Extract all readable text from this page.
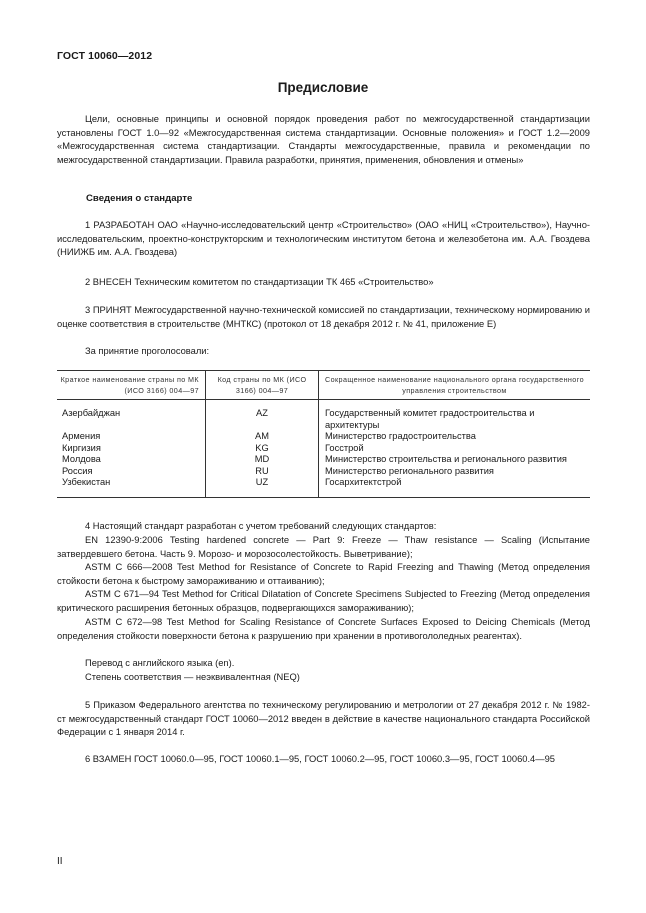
ГОСТ 10060—2012
Предисловие
Цели, основные принципы и основной порядок проведения работ по межгосударственной стандартизации установлены ГОСТ 1.0—92 «Межгосударственная система стандартизации. Основные положения» и ГОСТ 1.2—2009 «Межгосударственная система стандартизации. Стандарты межгосударственные, правила и рекомендации по межгосударственной стандартизации. Правила разработки, принятия, применения, обновления и отмены»
Сведения о стандарте
1 РАЗРАБОТАН ОАО «Научно-исследовательский центр «Строительство» (ОАО «НИЦ «Строительство»), Научно-исследовательским, проектно-конструкторским и технологическим институтом бетона и железобетона им. А.А. Гвоздева (НИИЖБ им. А.А. Гвоздева)
2 ВНЕСЕН Техническим комитетом по стандартизации ТК 465 «Строительство»
3 ПРИНЯТ Межгосударственной научно-технической комиссией по стандартизации, техническому нормированию и оценке соответствия в строительстве (МНТКС) (протокол от 18 декабря 2012 г. № 41, приложение Е)
За принятие проголосовали:
Краткое наименование страны по МК (ИСО 3166) 004—97	Код страны по МК (ИСО 3166) 004—97	Сокращенное наименование национального органа государственного управления строительством
Азербайджан	AZ	Государственный комитет градостроительства и архитектуры
Армения	AM	Министерство градостроительства
Киргизия	KG	Госстрой
Молдова	MD	Министерство строительства и регионального развития
Россия	RU	Министерство регионального развития
Узбекистан	UZ	Госархитектстрой
4 Настоящий стандарт разработан с учетом требований следующих стандартов:
EN 12390-9:2006 Testing hardened concrete — Part 9: Freeze — Thaw resistance — Scaling (Испытание затвердевшего бетона. Часть 9. Морозо- и морозосолестойкость. Выветривание);
ASTM C 666—2008 Test Method for Resistance of Concrete to Rapid Freezing and Thawing (Метод определения стойкости бетона к быстрому замораживанию и оттаиванию);
ASTM C 671—94 Test Method for Critical Dilatation of Concrete Specimens Subjected to Freezing (Метод определения критического расширения бетонных образцов, подвергающихся замораживанию);
ASTM C 672—98 Test Method for Scaling Resistance of Concrete Surfaces Exposed to Deicing Chemicals (Метод определения стойкости поверхности бетона к разрушению при хранении в противогололедных реагентах).
Перевод с английского языка (en).
Степень соответствия — неэквивалентная (NEQ)
5 Приказом Федерального агентства по техническому регулированию и метрологии от 27 декабря 2012 г. № 1982-ст межгосударственный стандарт ГОСТ 10060—2012 введен в действие в качестве национального стандарта Российской Федерации с 1 января 2014 г.
6 ВЗАМЕН ГОСТ 10060.0—95, ГОСТ 10060.1—95, ГОСТ 10060.2—95, ГОСТ 10060.3—95, ГОСТ 10060.4—95
II
